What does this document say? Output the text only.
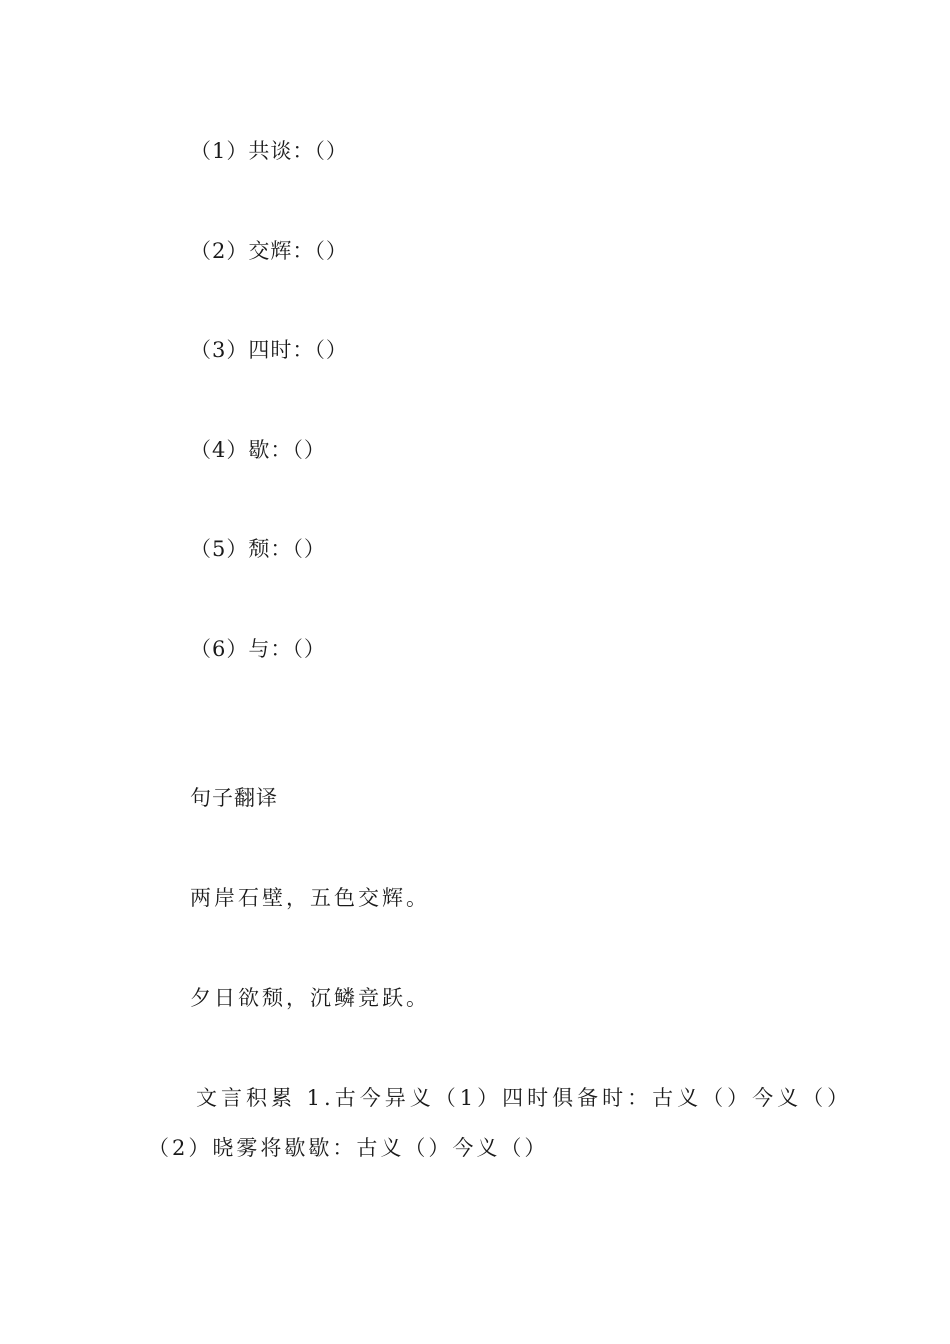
（1）共谈：（）
（2）交辉：（）
（3）四时：（）
（4）歇：（）
（5）颓：（）
（6）与：（）
句子翻译
两岸石壁，五色交辉。
夕日欲颓，沉鳞竞跃。
文言积累 1.古今异义（1）四时俱备时：古义（）今义（）
（2）晓雾将歇歇：古义（）今义（）
